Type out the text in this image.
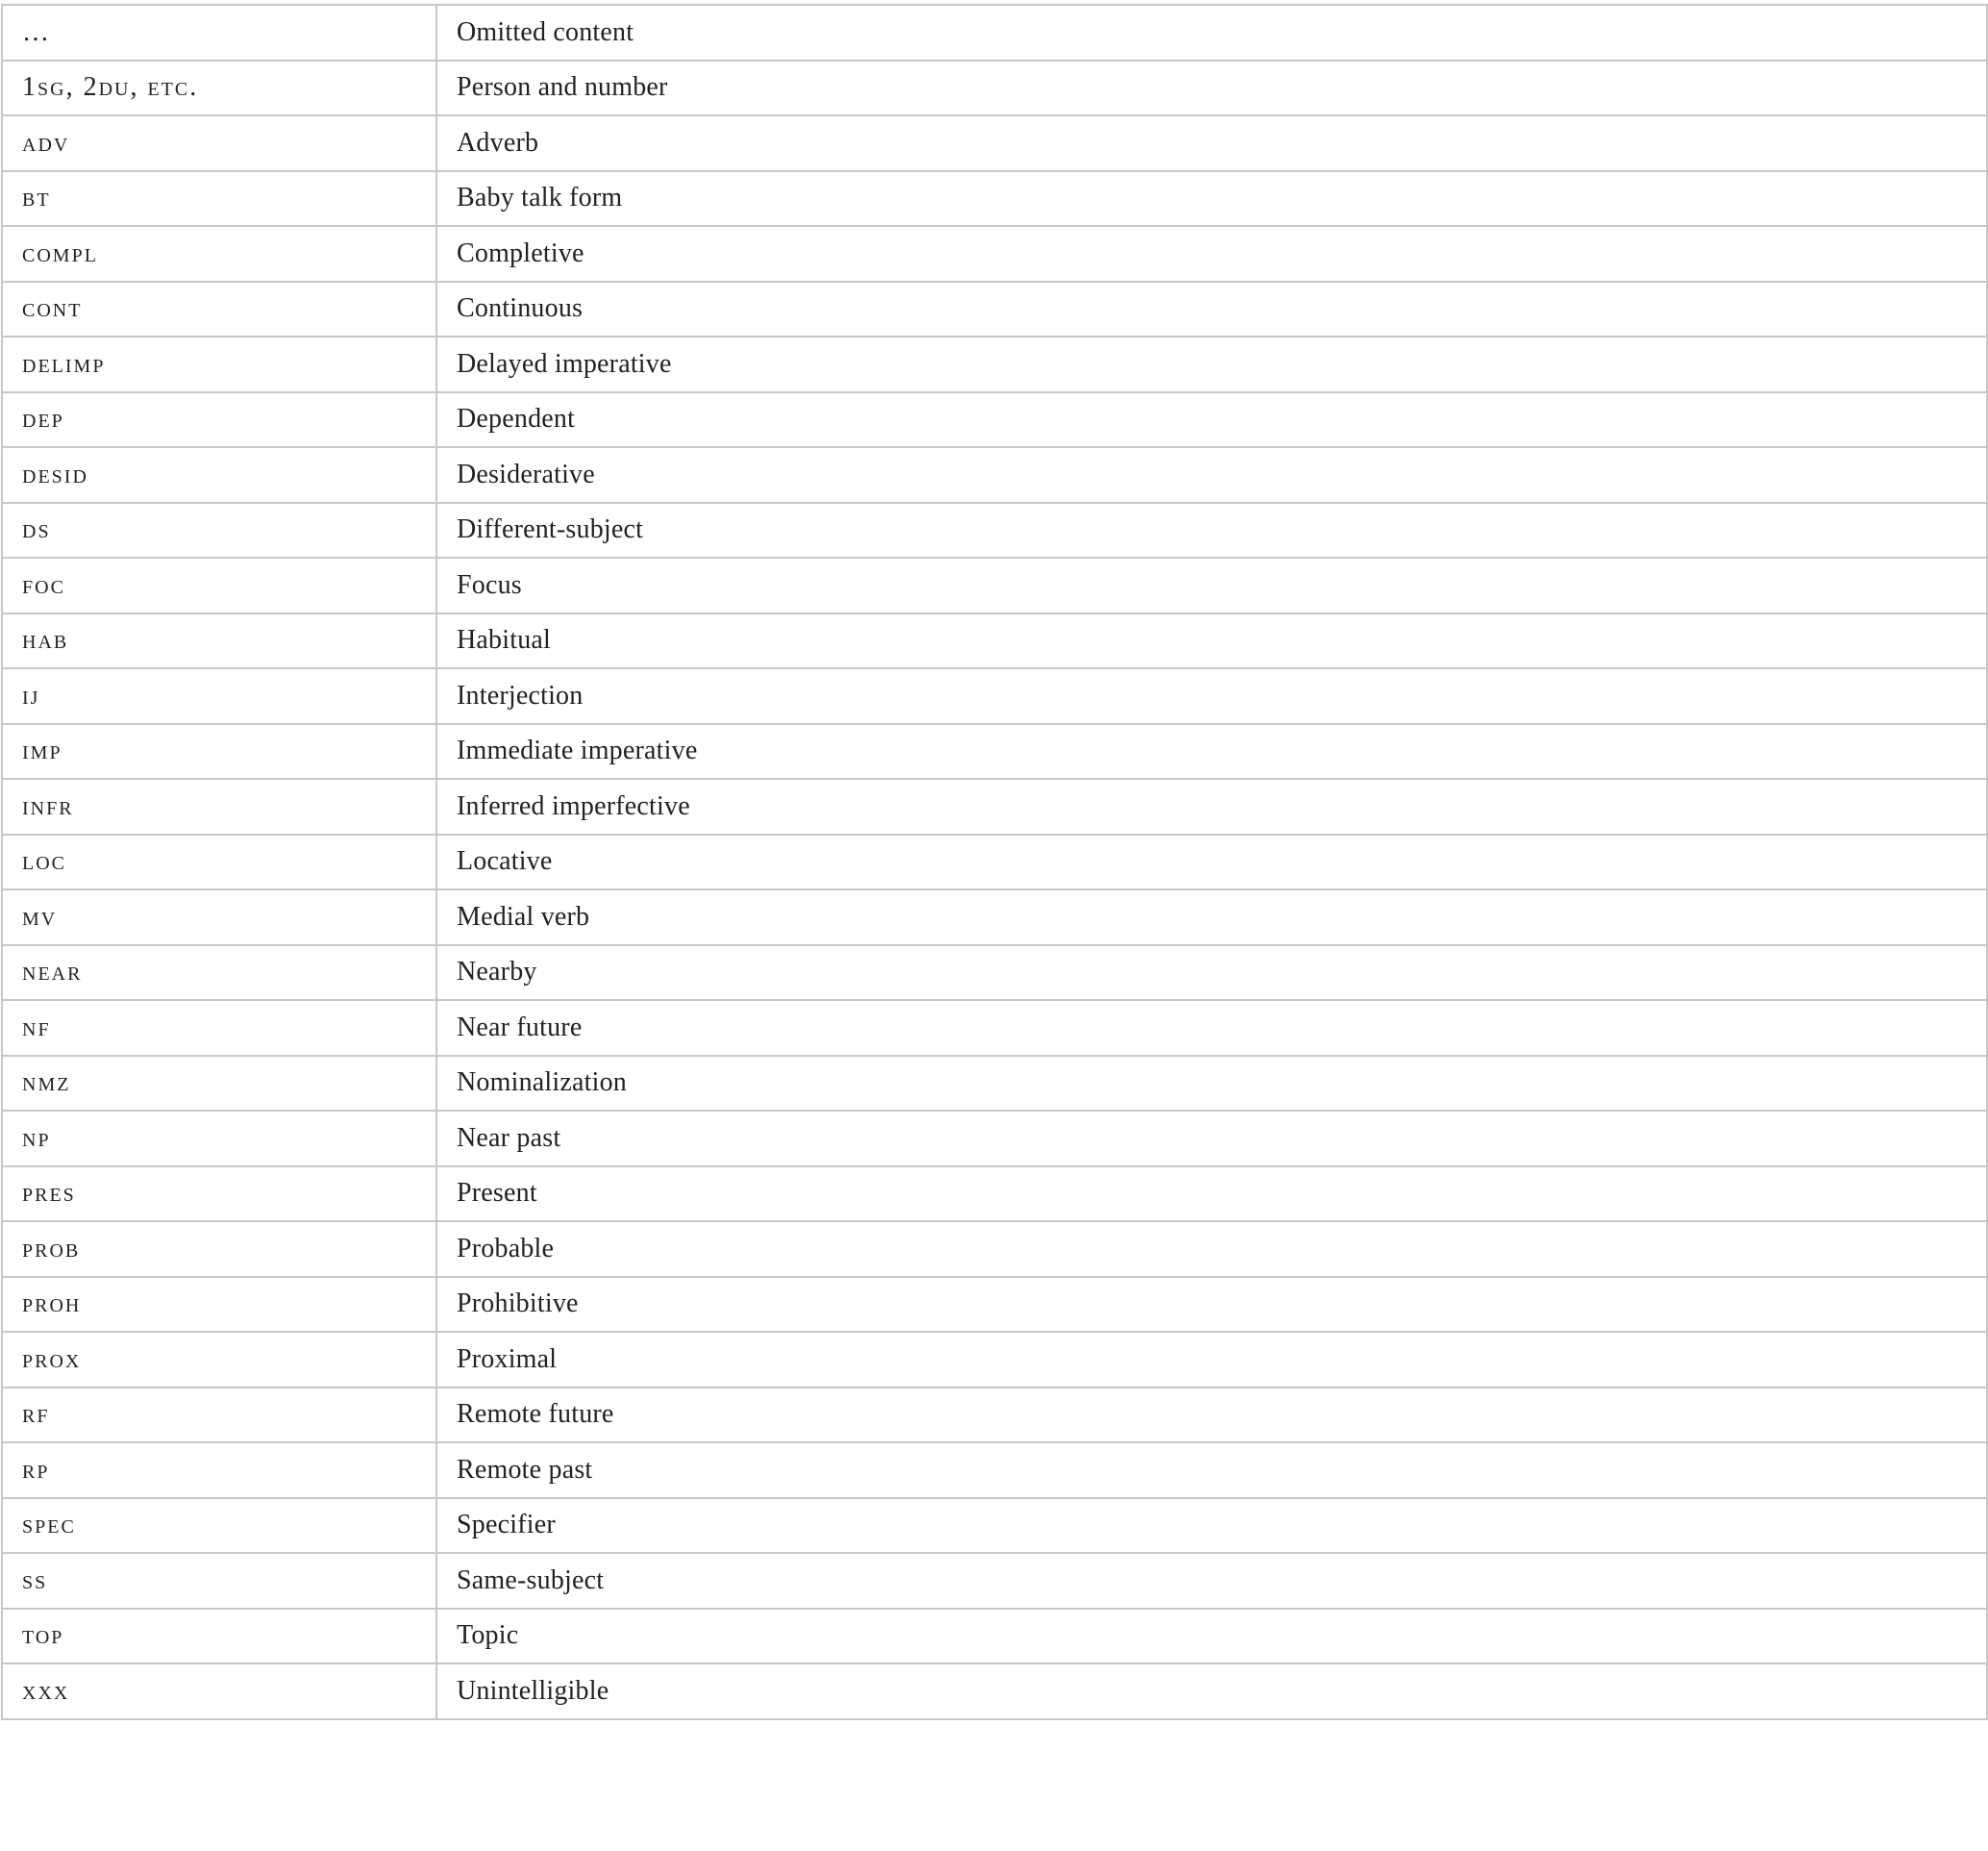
…	Omitted content
1sg, 2du, etc.	Person and number
adv	Adverb
bt	Baby talk form
compl	Completive
cont	Continuous
delimp	Delayed imperative
dep	Dependent
desid	Desiderative
ds	Different-subject
foc	Focus
hab	Habitual
ij	Interjection
imp	Immediate imperative
infr	Inferred imperfective
loc	Locative
mv	Medial verb
near	Nearby
nf	Near future
nmz	Nominalization
np	Near past
pres	Present
prob	Probable
proh	Prohibitive
prox	Proximal
rf	Remote future
rp	Remote past
spec	Specifier
ss	Same-subject
top	Topic
xxx	Unintelligible
